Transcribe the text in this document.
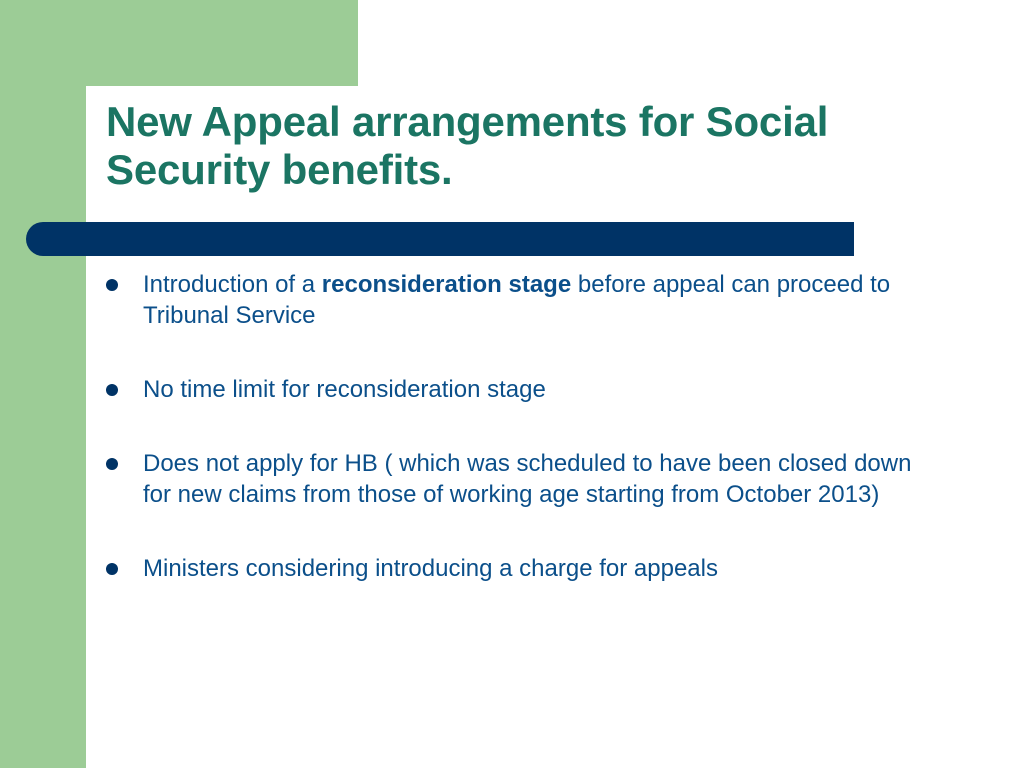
New Appeal arrangements for Social
Security benefits.
Introduction of a reconsideration stage before appeal can proceed to Tribunal Service
No time limit for reconsideration stage
Does not apply for HB ( which was scheduled to have been closed down for new claims from those of working age starting from October 2013)
Ministers considering introducing a charge for appeals
